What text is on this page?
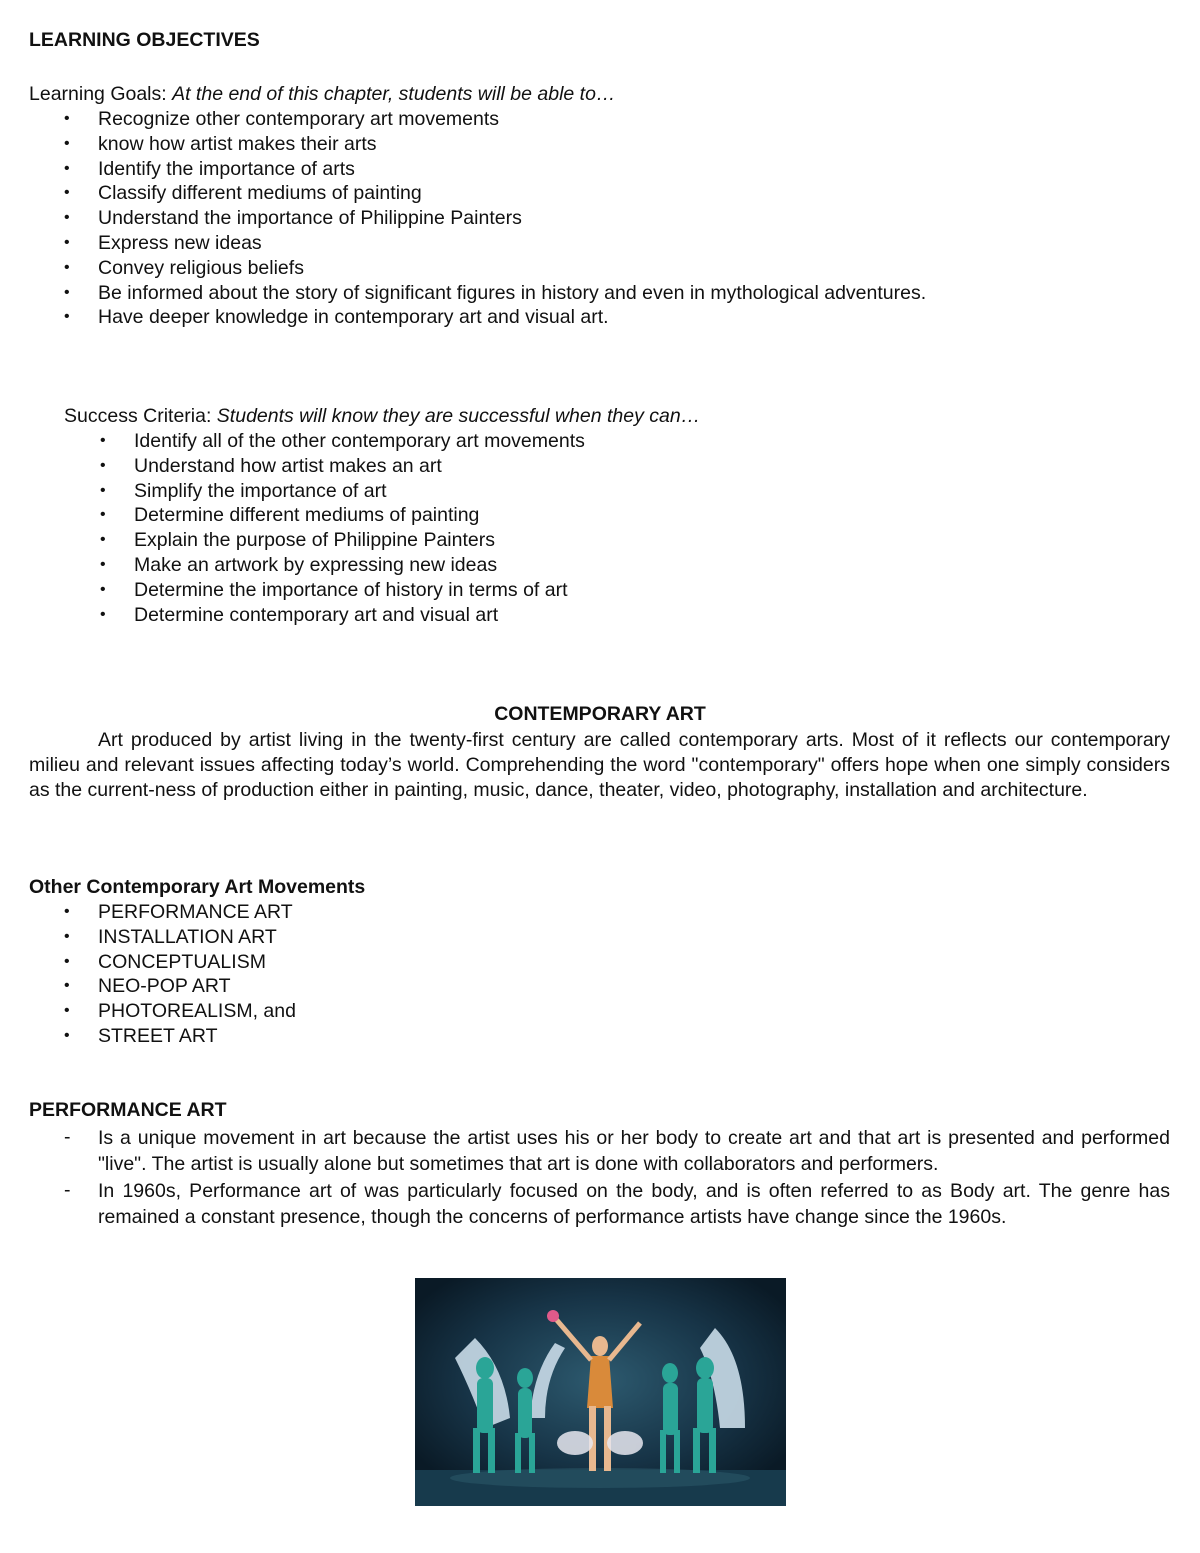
LEARNING OBJECTIVES
Learning Goals: At the end of this chapter, students will be able to…
• Recognize other contemporary art movements
• know how artist makes their arts
• Identify the importance of arts
• Classify different mediums of painting
• Understand the importance of Philippine Painters
• Express new ideas
• Convey religious beliefs
• Be informed about the story of significant figures in history and even in mythological adventures.
• Have deeper knowledge in contemporary art and visual art.
Success Criteria: Students will know they are successful when they can…
• Identify all of the other contemporary art movements
• Understand how artist makes an art
• Simplify the importance of art
• Determine different mediums of painting
• Explain the purpose of Philippine Painters
• Make an artwork by expressing new ideas
• Determine the importance of history in terms of art
• Determine contemporary art and visual art
CONTEMPORARY ART
Art produced by artist living in the twenty-first century are called contemporary arts. Most of it reflects our contemporary milieu and relevant issues affecting today’s world. Comprehending the word "contemporary" offers hope when one simply considers as the current-ness of production either in painting, music, dance, theater, video, photography, installation and architecture.
Other Contemporary Art Movements
• PERFORMANCE ART
• INSTALLATION ART
• CONCEPTUALISM
• NEO-POP ART
• PHOTOREALISM, and
• STREET ART
PERFORMANCE ART
- Is a unique movement in art because the artist uses his or her body to create art and that art is presented and performed "live". The artist is usually alone but sometimes that art is done with collaborators and performers.
- In 1960s, Performance art of was particularly focused on the body, and is often referred to as Body art. The genre has remained a constant presence, though the concerns of performance artists have change since the 1960s.
